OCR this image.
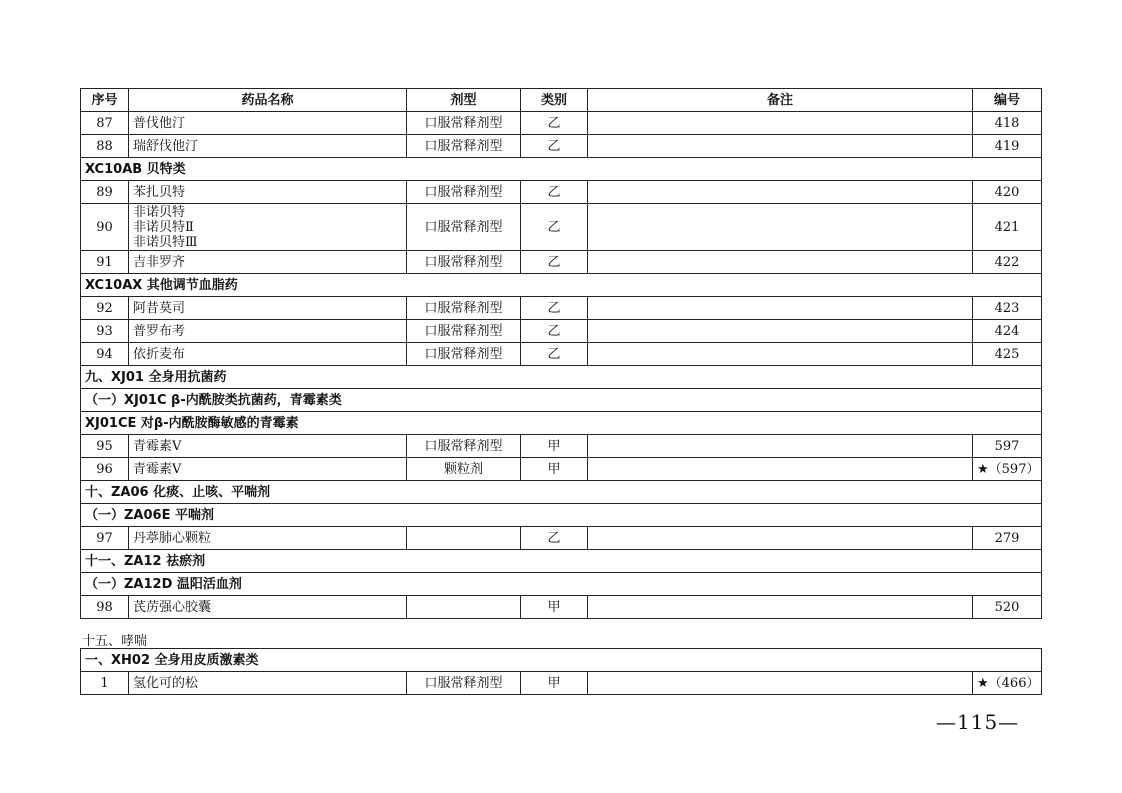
序号	药品名称	剂型	类别	备注	编号
87	普伐他汀	口服常释剂型	乙		418
88	瑞舒伐他汀	口服常释剂型	乙		419
XC10AB 贝特类					
89	苯扎贝特	口服常释剂型	乙		420
90	非诺贝特
非诺贝特Ⅱ
非诺贝特Ⅲ	口服常释剂型	乙		421
91	吉非罗齐	口服常释剂型	乙		422
XC10AX 其他调节血脂药					
92	阿昔莫司	口服常释剂型	乙		423
93	普罗布考	口服常释剂型	乙		424
94	依折麦布	口服常释剂型	乙		425
九、XJ01 全身用抗菌药					
（一）XJ01C β-内酰胺类抗菌药，青霉素类					
XJ01CE 对β-内酰胺酶敏感的青霉素					
95	青霉素V	口服常释剂型	甲		597
96	青霉素V	颗粒剂	甲		★（597）
十、ZA06 化痰、止咳、平喘剂					
（一）ZA06E 平喘剂					
97	丹葶肺心颗粒		乙		279
十一、ZA12 祛瘀剂					
（一）ZA12D 温阳活血剂					
98	芪苈强心胶囊		甲		520
十五、哮喘
一、XH02 全身用皮质激素类
1	氢化可的松	口服常释剂型	甲		★（466）
—115—
